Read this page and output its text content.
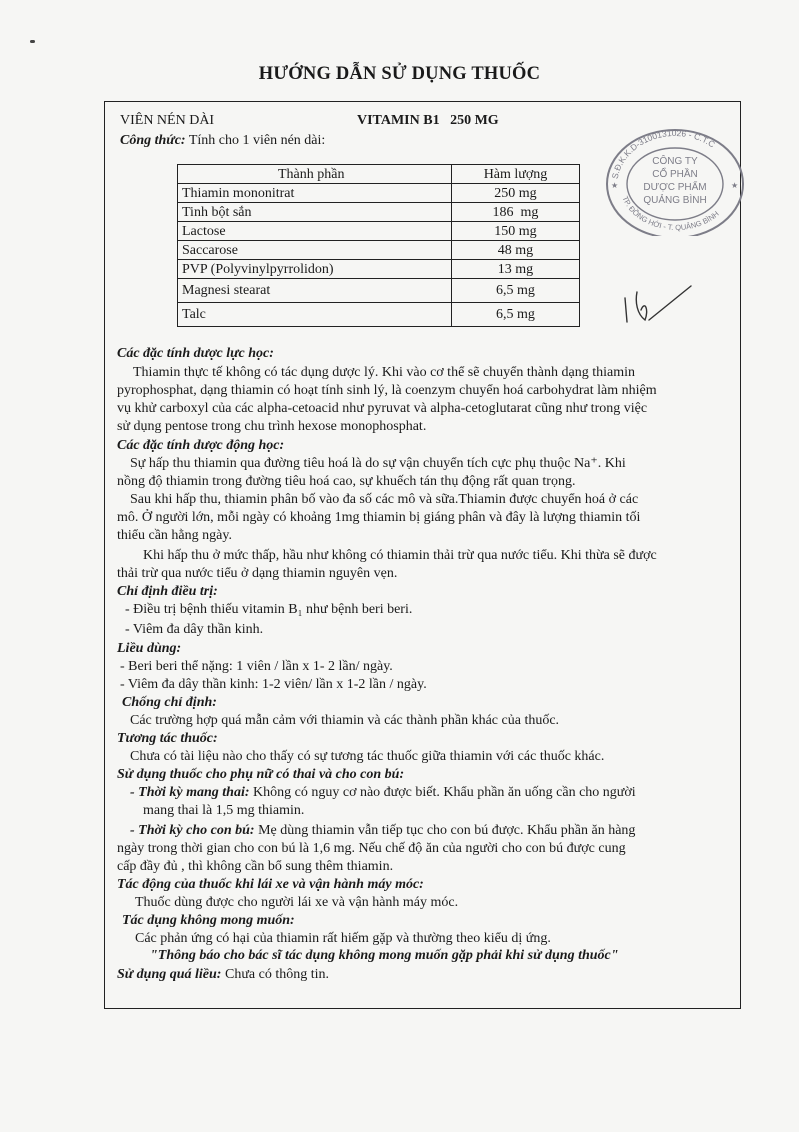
HƯỚNG DẪN SỬ DỤNG THUỐC
VIÊN NÉN DÀI	VITAMIN B1   250 MG
Công thức: Tính cho 1 viên nén dài:
Thành phần	Hàm lượng
Thiamin mononitrat	250 mg
Tinh bột sắn	186  mg
Lactose	150 mg
Saccarose	48 mg
PVP (Polyvinylpyrrolidon)	13 mg
Magnesi stearat	6,5 mg
Talc	6,5 mg
S.Đ.K.K.D-3100131026 - C.T.C
TP. ĐỒNG HỚI - T. QUẢNG BÌNH
CÔNG TY
CỔ PHẦN
DƯỢC PHẨM
QUẢNG BÌNH
★	★
Các đặc tính dược lực học:
Thiamin thực tế không có tác dụng dược lý. Khi vào cơ thể sẽ chuyển thành dạng thiamin
pyrophosphat, dạng thiamin có hoạt tính sinh lý, là coenzym chuyển hoá carbohydrat làm nhiệm
vụ khử carboxyl của các alpha-cetoacid như pyruvat và alpha-cetoglutarat cũng như trong việc
sử dụng pentose trong chu trình hexose monophosphat.
Các đặc tính dược động học:
Sự hấp thu thiamin qua đường tiêu hoá là do sự vận chuyển tích cực phụ thuộc Na⁺. Khi
nồng độ thiamin trong đường tiêu hoá cao, sự khuếch tán thụ động rất quan trọng.
Sau khi hấp thu, thiamin phân bố vào đa số các mô và sữa.Thiamin được chuyển hoá ở các
mô. Ở người lớn, mỗi ngày có khoảng 1mg thiamin bị giáng phân và đây là lượng thiamin tối
thiểu cần hằng ngày.
Khi hấp thu ở mức thấp, hầu như không có thiamin thải trừ qua nước tiểu. Khi thừa sẽ được
thải trừ qua nước tiểu ở dạng thiamin nguyên vẹn.
Chỉ định điều trị:
- Điều trị bệnh thiếu vitamin B₁ như bệnh beri beri.
- Viêm đa dây thần kinh.
Liều dùng:
- Beri beri thể nặng: 1 viên / lần x 1- 2 lần/ ngày.
- Viêm đa dây thần kinh: 1-2 viên/ lần x 1-2 lần / ngày.
Chống chỉ định:
Các trường hợp quá mẫn cảm với thiamin và các thành phần khác của thuốc.
Tương tác thuốc:
Chưa có tài liệu nào cho thấy có sự tương tác thuốc giữa thiamin với các thuốc khác.
Sử dụng thuốc cho phụ nữ có thai và cho con bú:
- Thời kỳ mang thai: Không có nguy cơ nào được biết. Khẩu phần ăn uống cần cho người
mang thai là 1,5 mg thiamin.
- Thời kỳ cho con bú: Mẹ dùng thiamin vẫn tiếp tục cho con bú được. Khẩu phần ăn hàng
ngày trong thời gian cho con bú là 1,6 mg. Nếu chế độ ăn của người cho con bú được cung
cấp đầy đủ , thì không cần bổ sung thêm thiamin.
Tác động của thuốc khi lái xe và vận hành máy móc:
Thuốc dùng được cho người lái xe và vận hành máy móc.
Tác dụng không mong muốn:
Các phản ứng có hại của thiamin rất hiếm gặp và thường theo kiểu dị ứng.
"Thông báo cho bác sĩ tác dụng không mong muốn gặp phải khi sử dụng thuốc"
Sử dụng quá liều: Chưa có thông tin.
